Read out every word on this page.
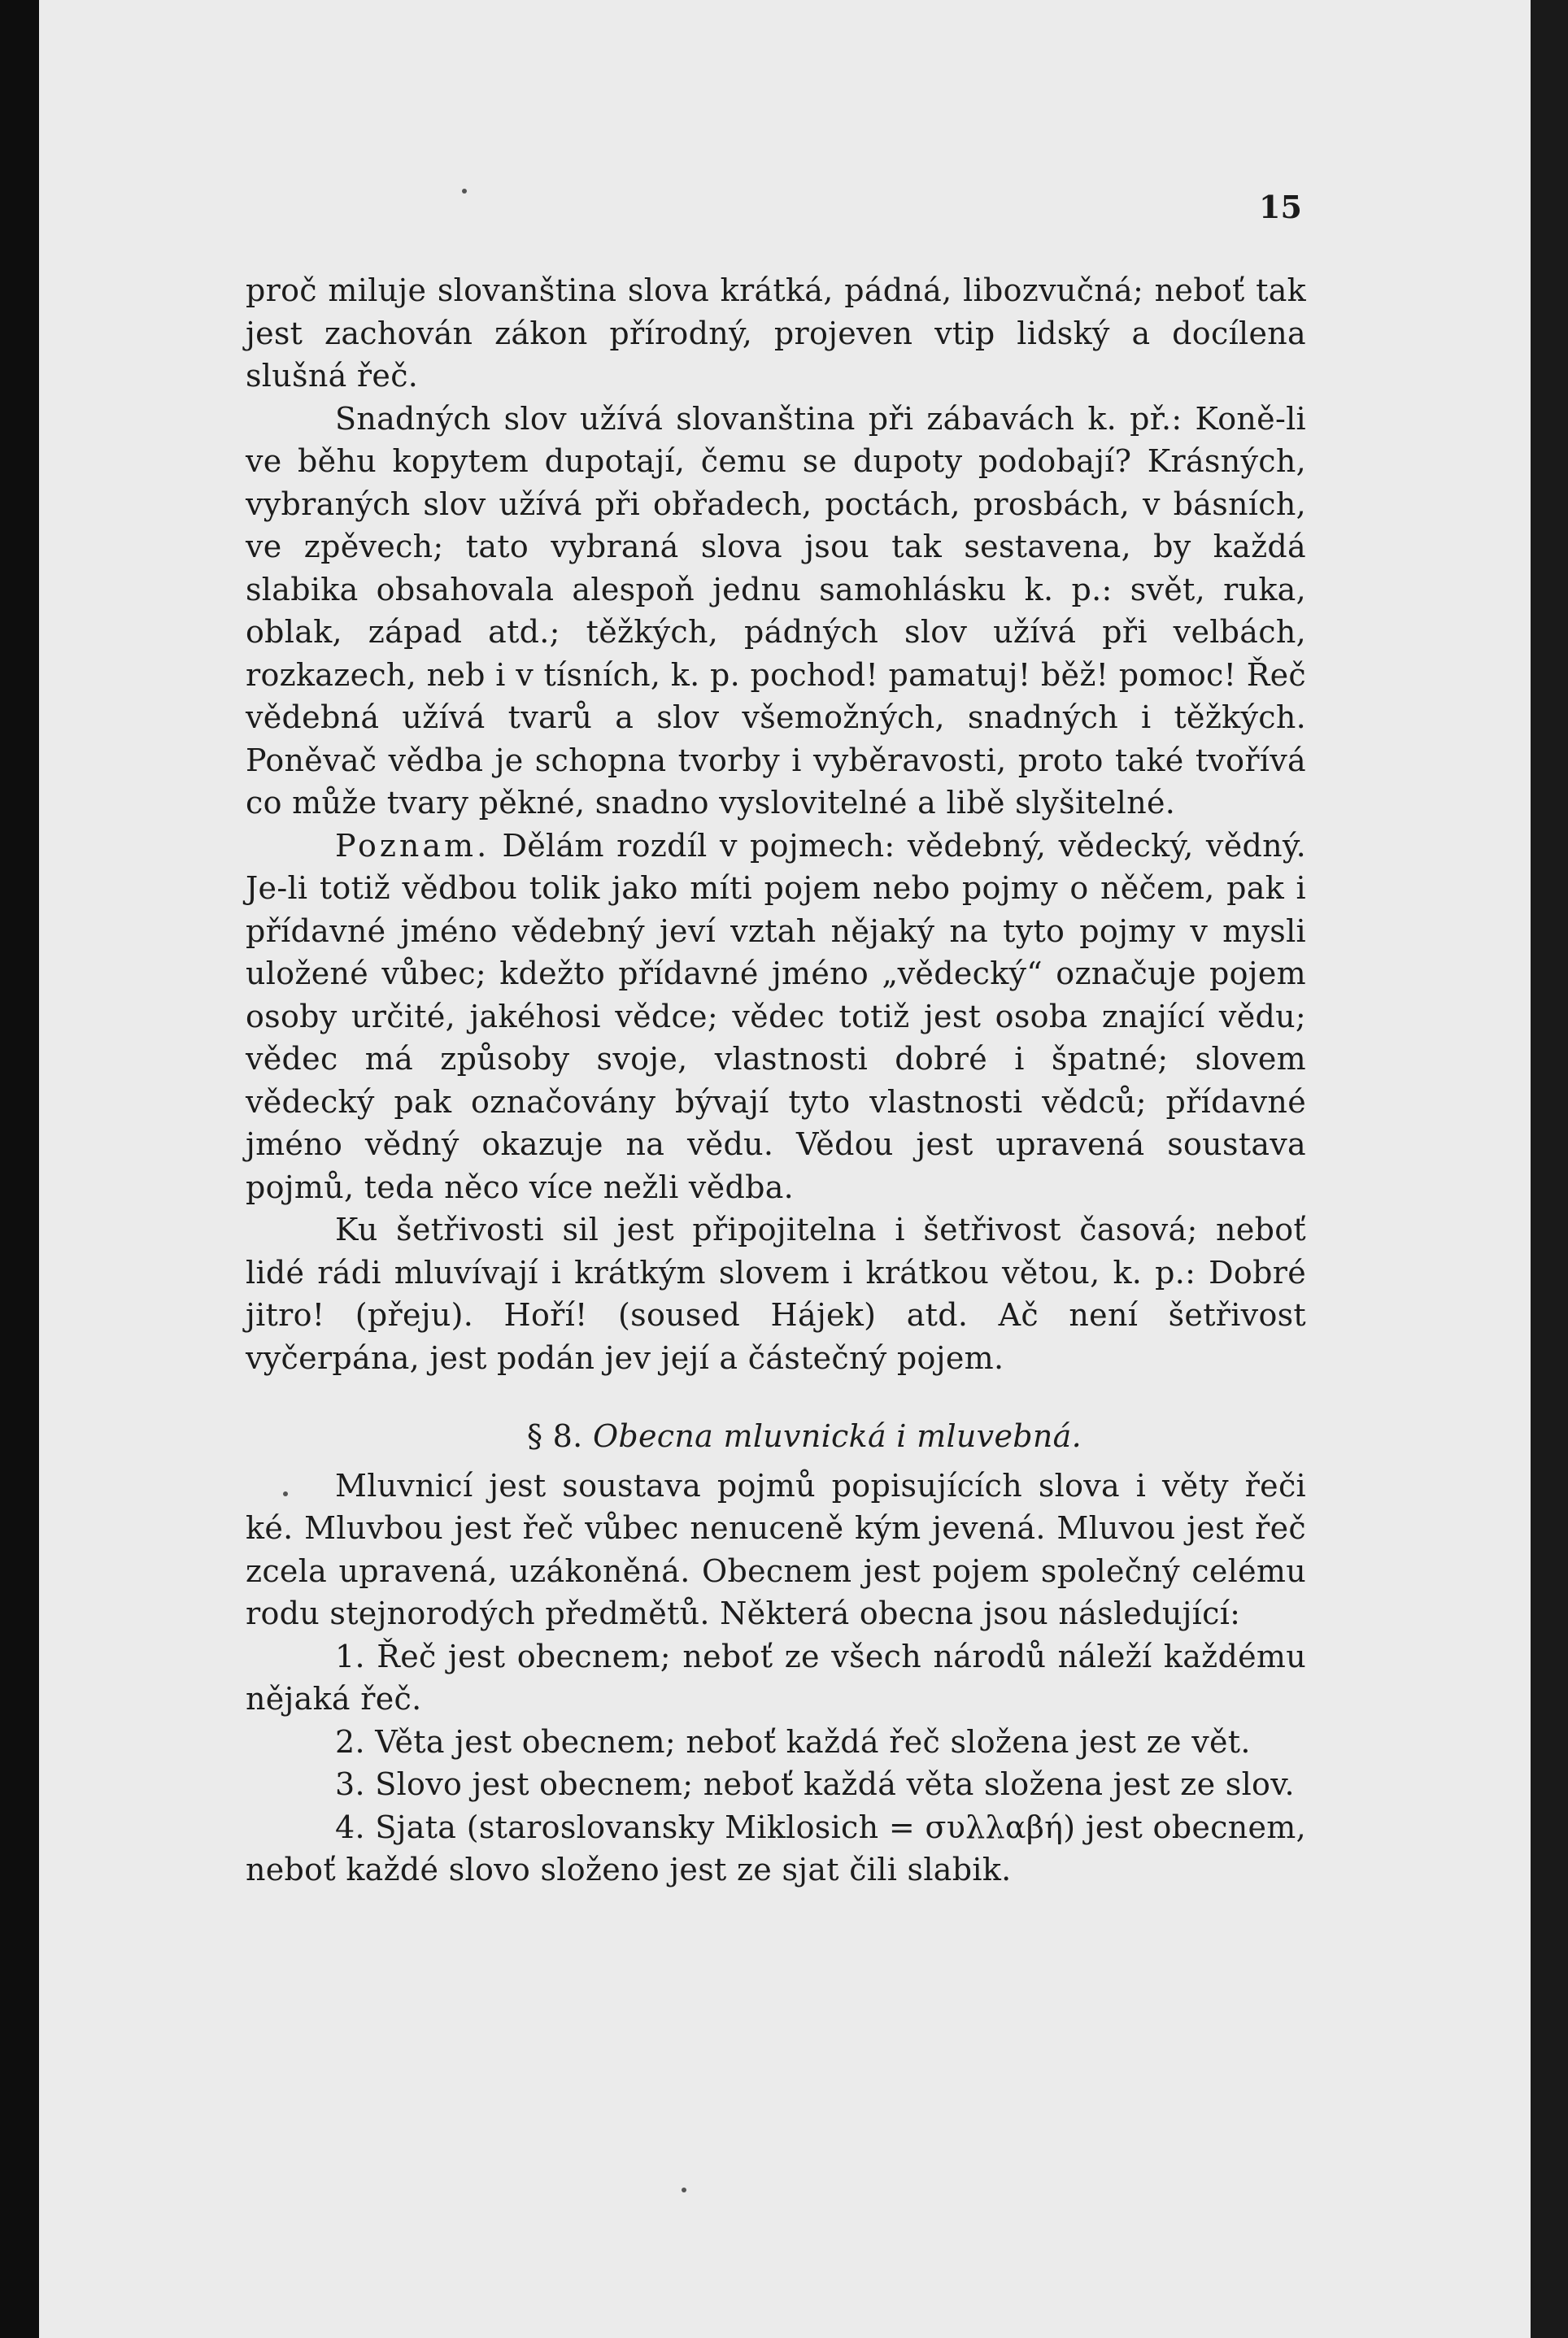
15

proč miluje slovanština slova krátká, pádná, libozvučná; neboť tak jest zachován zákon přírodný, projeven vtip lidský a docílena slušná řeč.

Snadných slov užívá slovanština při zábavách k. př.: Koně-li ve běhu kopytem dupotají, čemu se dupoty podobají? Krásných, vybraných slov užívá při obřadech, poctách, prosbách, v básních, ve zpěvech; tato vybraná slova jsou tak sestavena, by každá slabika obsahovala alespoň jednu samohlásku k. p.: svět, ruka, oblak, západ atd.; těžkých, pádných slov užívá při velbách, rozkazech, neb i v tísních, k. p. pochod! pamatuj! běž! pomoc! Řeč vědebná užívá tvarů a slov všemožných, snadných i těžkých. Poněvač vědba je schopna tvorby i vyběravosti, proto také tvořívá co může tvary pěkné, snadno vyslovitelné a libě slyšitelné.

Poznam. Dělám rozdíl v pojmech: vědebný, vědecký, vědný. Je-li totiž vědbou tolik jako míti pojem nebo pojmy o něčem, pak i přídavné jméno vědebný jeví vztah nějaký na tyto pojmy v mysli uložené vůbec; kdežto přídavné jméno „vědecký“ označuje pojem osoby určité, jakéhosi vědce; vědec totiž jest osoba znající vědu; vědec má způsoby svoje, vlastnosti dobré i špatné; slovem vědecký pak označovány bývají tyto vlastnosti vědců; přídavné jméno vědný okazuje na vědu. Vědou jest upravená soustava pojmů, teda něco více nežli vědba.

Ku šetřivosti sil jest připojitelna i šetřivost časová; neboť lidé rádi mluvívají i krátkým slovem i krátkou větou, k. p.: Dobré jitro! (přeju). Hoří! (soused Hájek) atd. Ač není šetřivost vyčerpána, jest podán jev její a částečný pojem.

§ 8. Obecna mluvnická i mluvebná.

Mluvnicí jest soustava pojmů popisujících slova i věty řeči ké. Mluvbou jest řeč vůbec nenuceně kým jevená. Mluvou jest řeč zcela upravená, uzákoněná. Obecnem jest pojem společný celému rodu stejnorodých předmětů. Některá obecna jsou následující:

1. Řeč jest obecnem; neboť ze všech národů náleží každému nějaká řeč.

2. Věta jest obecnem; neboť každá řeč složena jest ze vět.

3. Slovo jest obecnem; neboť každá věta složena jest ze slov.

4. Sjata (staroslovansky Miklosich = συλλαβή) jest obecnem, neboť každé slovo složeno jest ze sjat čili slabik.
